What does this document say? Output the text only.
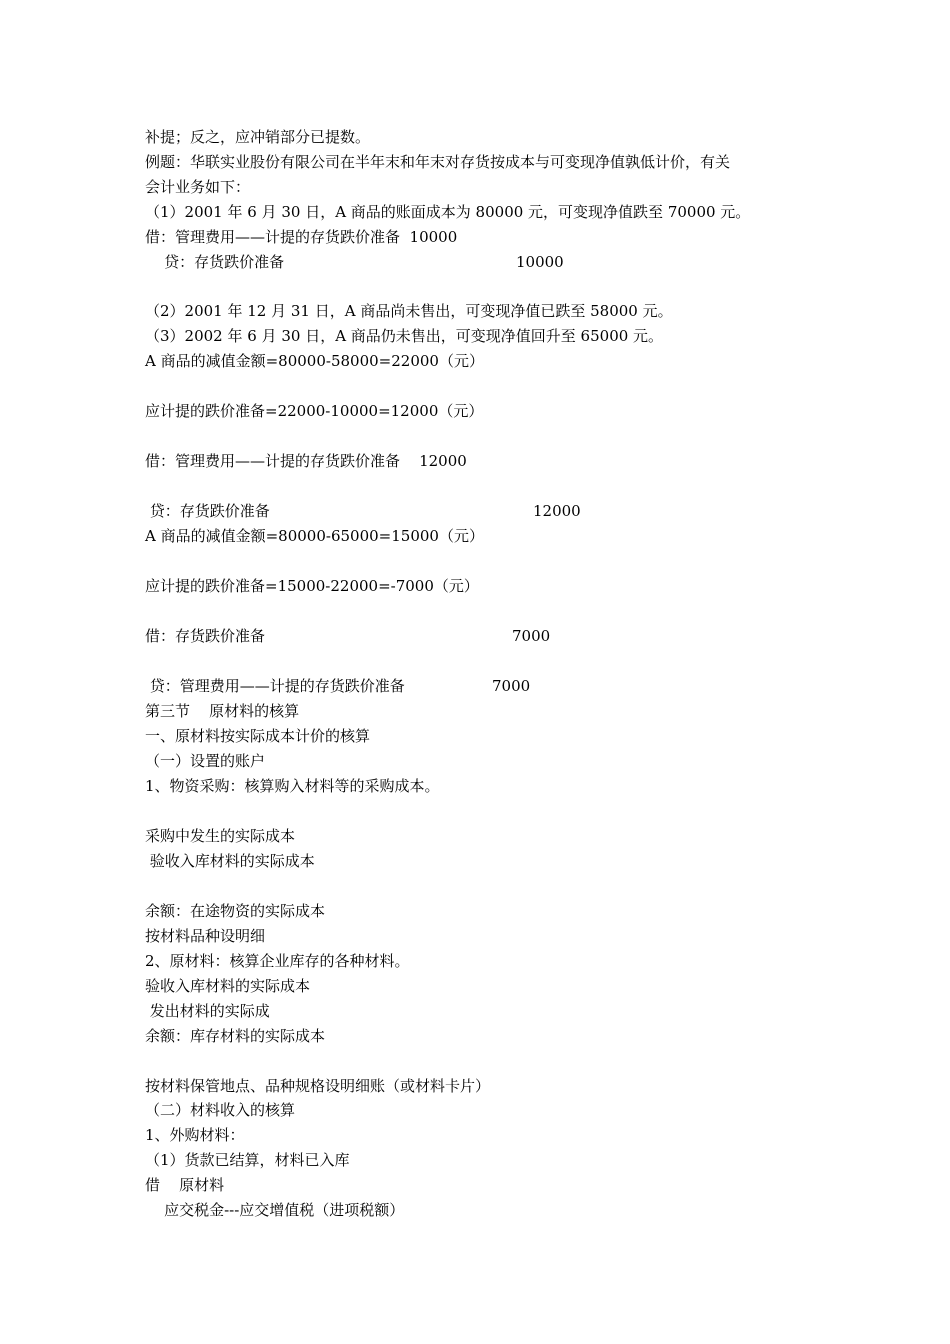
补提；反之，应冲销部分已提数。
例题：华联实业股份有限公司在半年末和年末对存货按成本与可变现净值孰低计价，有关
会计业务如下：
（1）2001 年 6 月 30 日，A 商品的账面成本为 80000 元，可变现净值跌至 70000 元。
借：管理费用——计提的存货跌价准备  10000
贷：存货跌价准备	10000
（2）2001 年 12 月 31 日，A 商品尚未售出，可变现净值已跌至 58000 元。
（3）2002 年 6 月 30 日，A 商品仍未售出，可变现净值回升至 65000 元。
A 商品的减值金额=80000-58000=22000（元）
应计提的跌价准备=22000-10000=12000（元）
借：管理费用——计提的存货跌价准备    12000
贷：存货跌价准备	12000
A 商品的减值金额=80000-65000=15000（元）
应计提的跌价准备=15000-22000=-7000（元）
借：存货跌价准备	7000
贷：管理费用——计提的存货跌价准备	7000
第三节    原材料的核算
一、原材料按实际成本计价的核算
（一）设置的账户
1、物资采购：核算购入材料等的采购成本。
采购中发生的实际成本
验收入库材料的实际成本
余额：在途物资的实际成本
按材料品种设明细
2、原材料：核算企业库存的各种材料。
验收入库材料的实际成本
发出材料的实际成
余额：库存材料的实际成本
按材料保管地点、品种规格设明细账（或材料卡片）
（二）材料收入的核算
1、外购材料：
（1）货款已结算，材料已入库
借    原材料
应交税金---应交增值税（进项税额）
